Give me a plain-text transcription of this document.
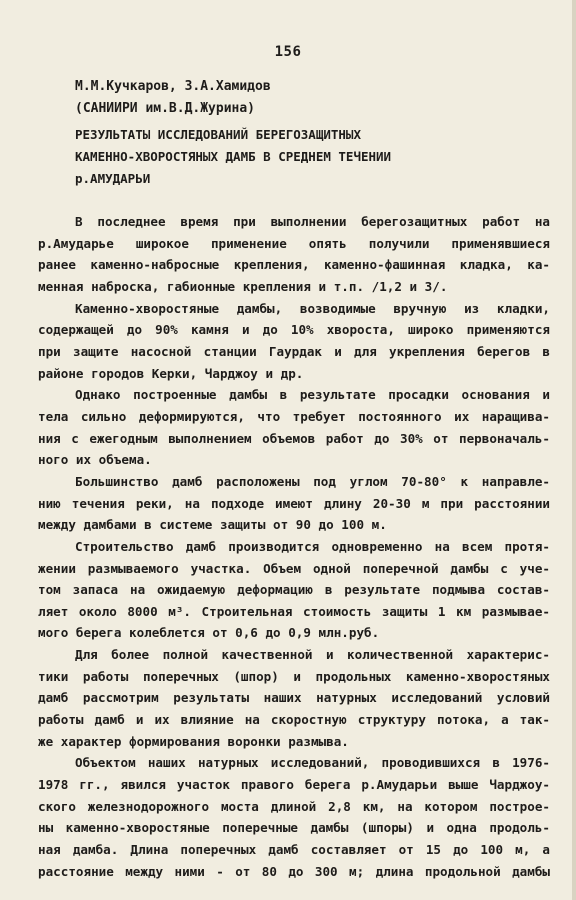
156
М.М.Кучкаров, З.А.Хамидов
(САНИИРИ им.В.Д.Журина)
РЕЗУЛЬТАТЫ ИССЛЕДОВАНИЙ БЕРЕГОЗАЩИТНЫХ
КАМЕННО-ХВОРОСТЯНЫХ ДАМБ В СРЕДНЕМ ТЕЧЕНИИ
р.АМУДАРЬИ
В последнее время при выполнении берегозащитных работ на
р.Амударье широкое применение опять получили применявшиеся
ранее каменно-набросные крепления, каменно-фашинная кладка, ка-
менная наброска, габионные крепления и т.п. /1,2 и 3/.
Каменно-хворостяные дамбы, возводимые вручную из кладки,
содержащей до 90% камня и до 10% хвороста, широко применяются
при защите насосной станции Гаурдак и для укрепления берегов в
районе городов Керки, Чарджоу и др.
Однако построенные дамбы в результате просадки основания и
тела сильно деформируются, что требует постоянного их наращива-
ния с ежегодным выполнением объемов работ до 30% от первоначаль-
ного их объема.
Большинство дамб расположены под углом 70-80° к направле-
нию течения реки, на подходе имеют длину 20-30 м при расстоянии
между дамбами в системе защиты от 90 до 100 м.
Строительство дамб производится одновременно на всем протя-
жении размываемого участка. Объем одной поперечной дамбы с уче-
том запаса на ожидаемую деформацию в результате подмыва состав-
ляет около 8000 м³. Строительная стоимость защиты 1 км размывае-
мого берега колеблется от 0,6 до 0,9 млн.руб.
Для более полной качественной и количественной характерис-
тики работы поперечных (шпор) и продольных каменно-хворостяных
дамб рассмотрим результаты наших натурных исследований условий
работы дамб и их влияние на скоростную структуру потока, а так-
же характер формирования воронки размыва.
Объектом наших натурных исследований, проводившихся в 1976-
1978 гг., явился участок правого берега р.Амударьи выше Чарджоу-
ского железнодорожного моста длиной 2,8 км, на котором построе-
ны каменно-хворостяные поперечные дамбы (шпоры) и одна продоль-
ная дамба. Длина поперечных дамб составляет от 15 до 100 м, а
расстояние между ними - от 80 до 300 м; длина продольной дамбы
